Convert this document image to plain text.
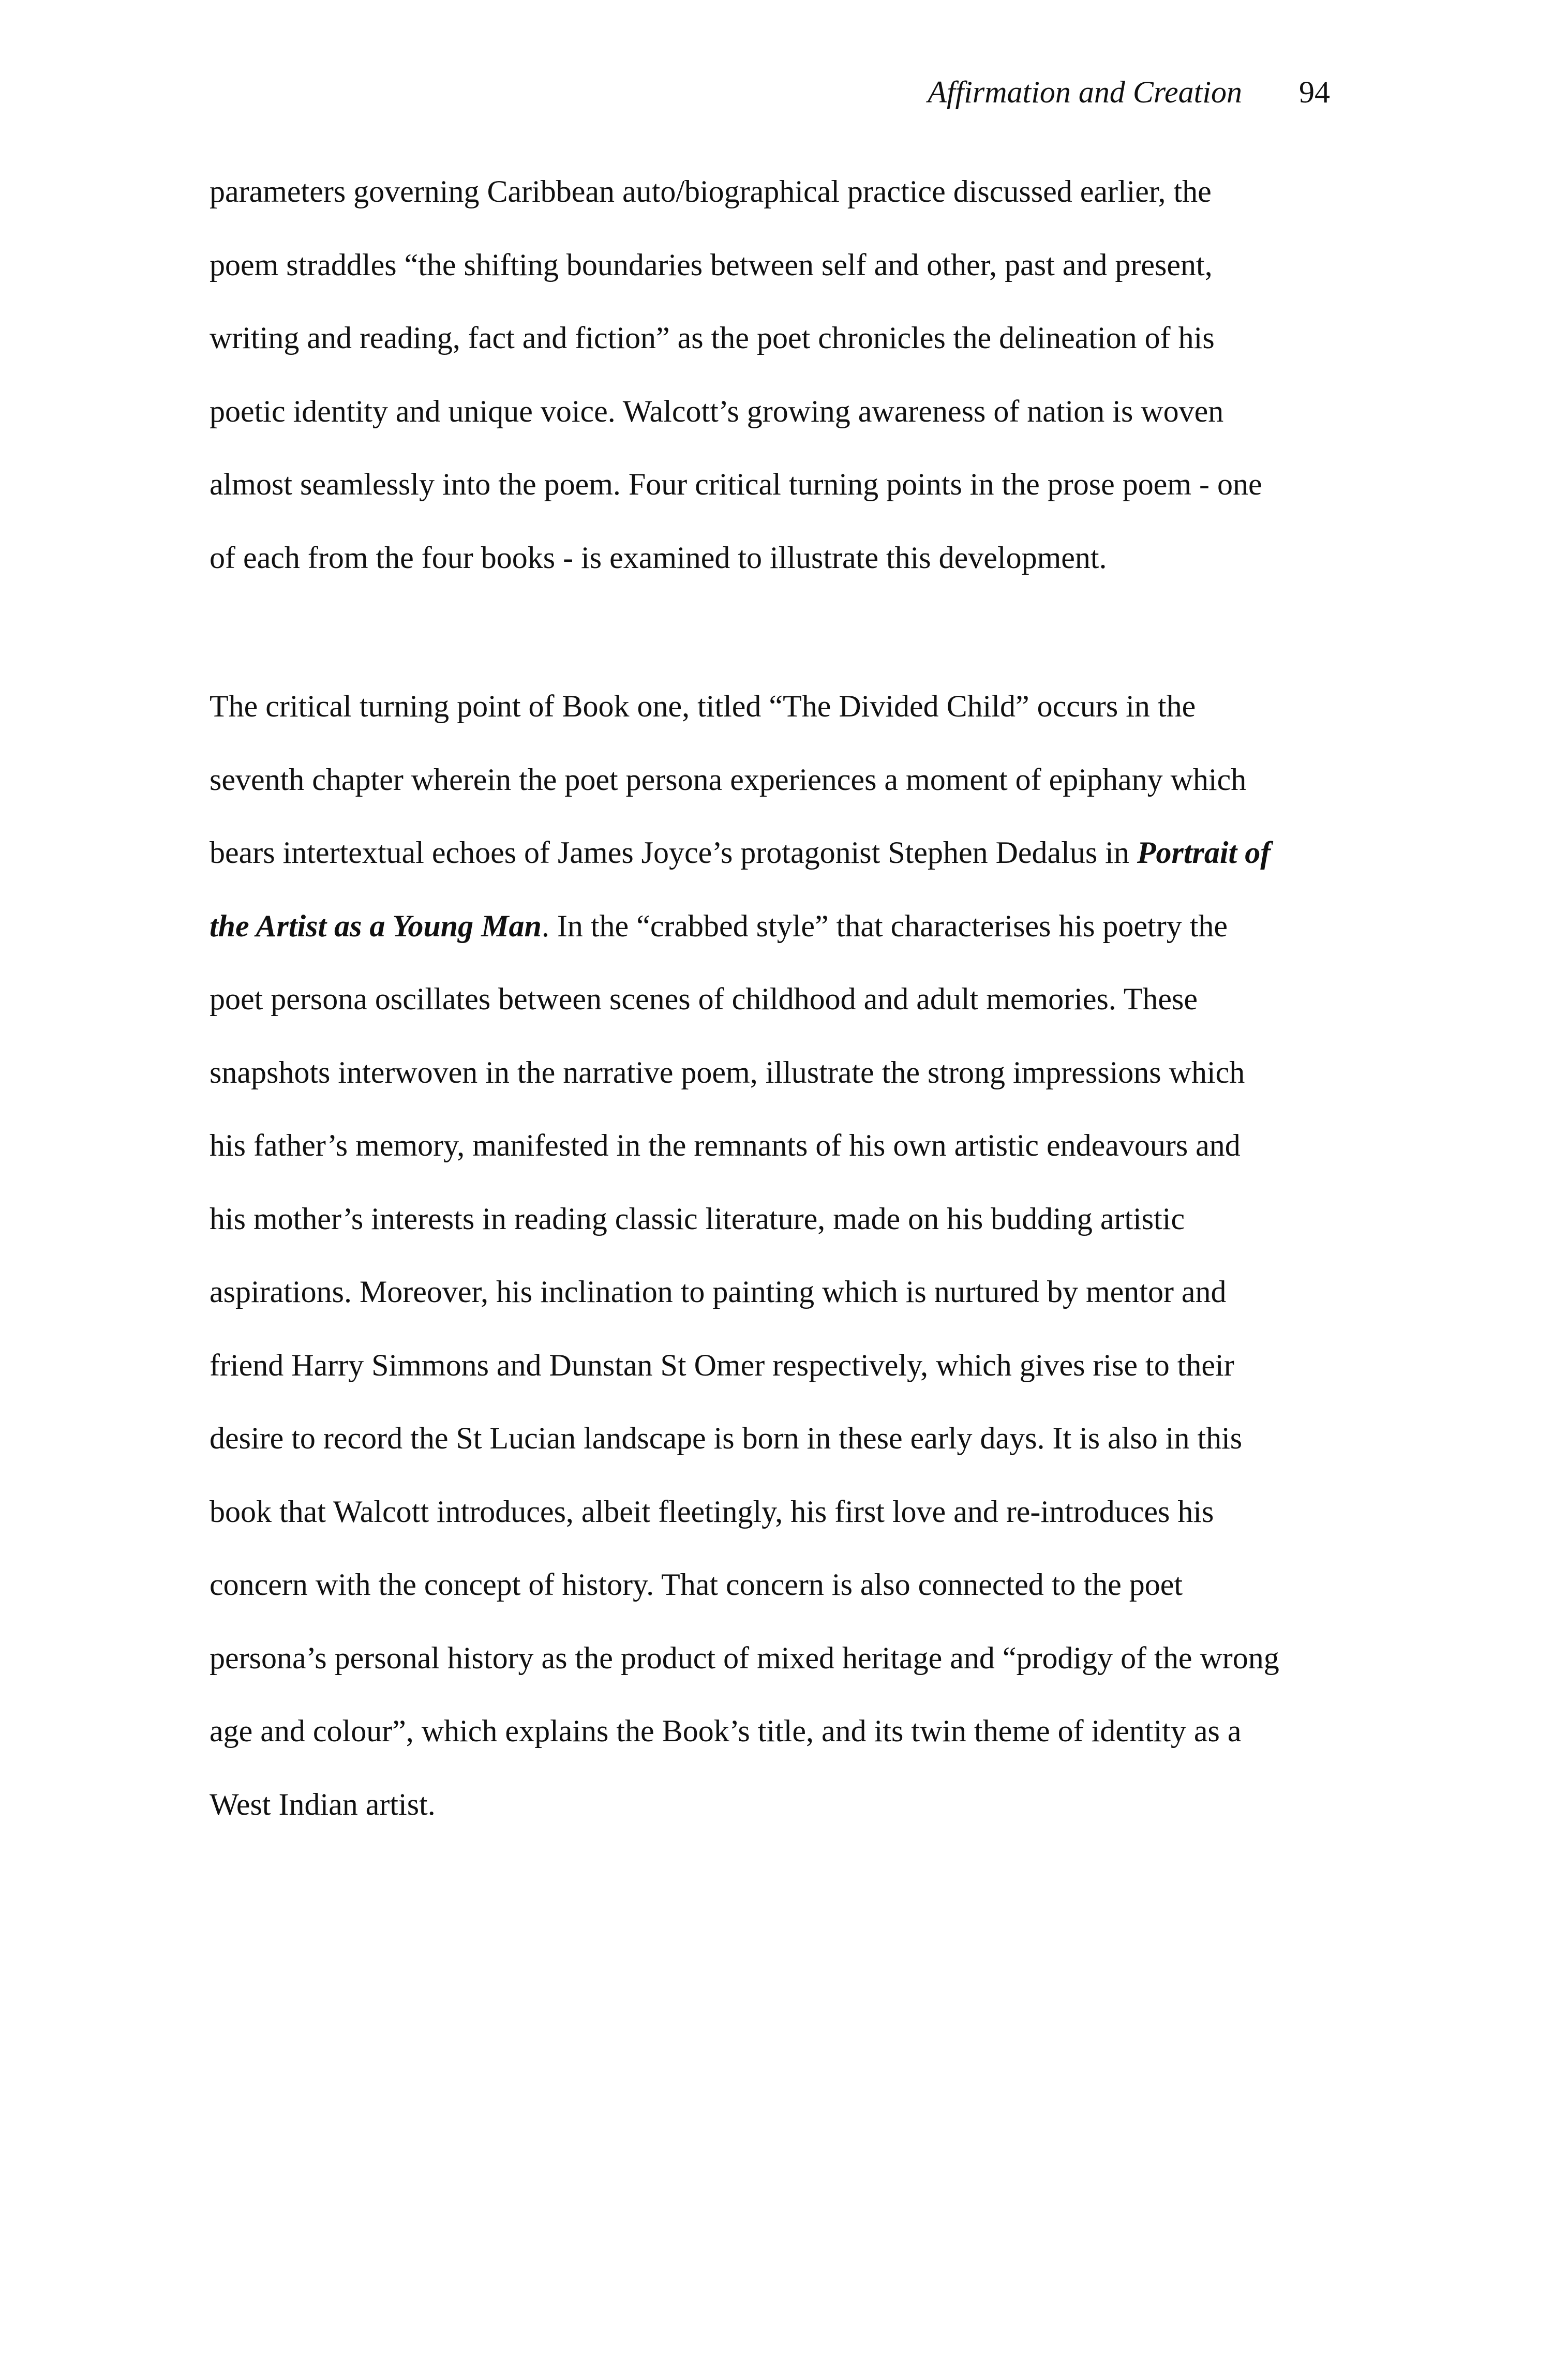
Affirmation and Creation 94
parameters governing Caribbean auto/biographical practice discussed earlier, the
poem straddles “the shifting boundaries between self and other, past and present,
writing and reading, fact and fiction” as the poet chronicles the delineation of his
poetic identity and unique voice. Walcott’s growing awareness of nation is woven
almost seamlessly into the poem. Four critical turning points in the prose poem - one
of each from the four books - is examined to illustrate this development.
The critical turning point of Book one, titled “The Divided Child” occurs in the
seventh chapter wherein the poet persona experiences a moment of epiphany which
bears intertextual echoes of James Joyce’s protagonist Stephen Dedalus in Portrait of
the Artist as a Young Man. In the “crabbed style” that characterises his poetry the
poet persona oscillates between scenes of childhood and adult memories. These
snapshots interwoven in the narrative poem, illustrate the strong impressions which
his father’s memory, manifested in the remnants of his own artistic endeavours and
his mother’s interests in reading classic literature, made on his budding artistic
aspirations. Moreover, his inclination to painting which is nurtured by mentor and
friend Harry Simmons and Dunstan St Omer respectively, which gives rise to their
desire to record the St Lucian landscape is born in these early days. It is also in this
book that Walcott introduces, albeit fleetingly, his first love and re-introduces his
concern with the concept of history. That concern is also connected to the poet
persona’s personal history as the product of mixed heritage and “prodigy of the wrong
age and colour”, which explains the Book’s title, and its twin theme of identity as a
West Indian artist.
